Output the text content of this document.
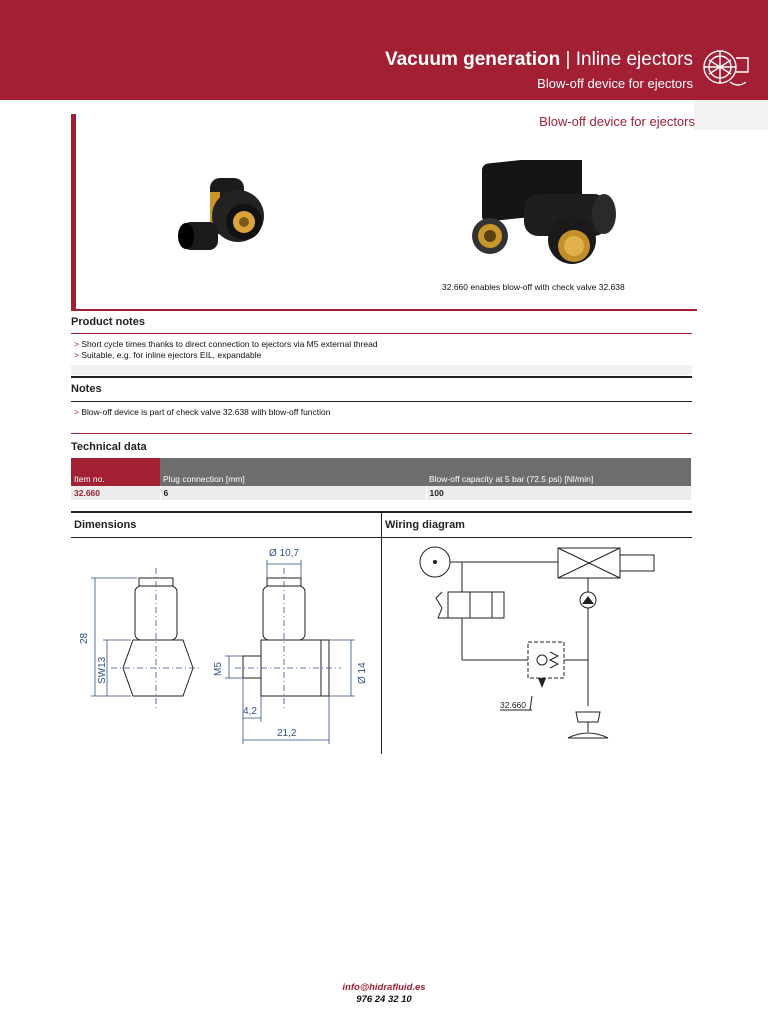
Vacuum generation | Inline ejectors
Blow-off device for ejectors
Blow-off device for ejectors
32.660 enables blow-off with check valve 32.638
Product notes
> Short cycle times thanks to direct connection to ejectors via M5 external thread
> Suitable, e.g. for inline ejectors EIL, expandable
Notes
> Blow-off device is part of check valve 32.638 with blow-off function
Technical data
Item no.	Plug connection [mm]	Blow-off capacity at 5 bar (72.5 psi) [Nl/min]
32.660	6	100
Dimensions	Wiring diagram
Ø 10,7
28
SW13	M5	Ø 14
4,2
21,2
32.660
info@hidrafluid.es
976 24 32 10
